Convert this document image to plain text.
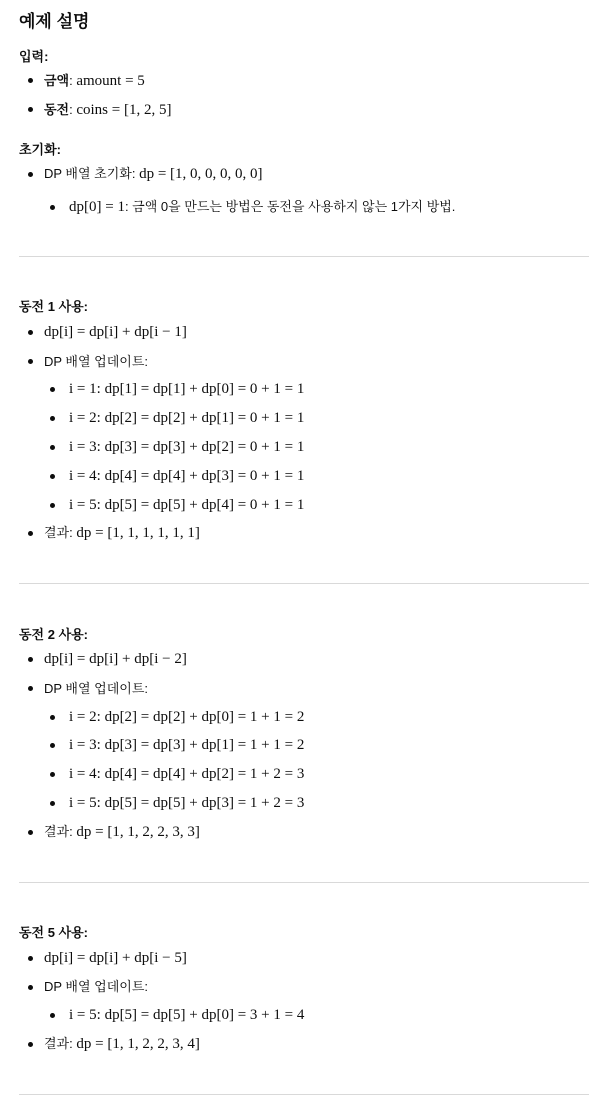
예제 설명
입력:
금액: amount = 5
동전: coins = [1, 2, 5]
초기화:
DP 배열 초기화: dp = [1, 0, 0, 0, 0, 0]
dp[0] = 1: 금액 0을 만드는 방법은 동전을 사용하지 않는 1가지 방법.
동전 1 사용:
dp[i] = dp[i] + dp[i − 1]
DP 배열 업데이트:
i = 1: dp[1] = dp[1] + dp[0] = 0 + 1 = 1
i = 2: dp[2] = dp[2] + dp[1] = 0 + 1 = 1
i = 3: dp[3] = dp[3] + dp[2] = 0 + 1 = 1
i = 4: dp[4] = dp[4] + dp[3] = 0 + 1 = 1
i = 5: dp[5] = dp[5] + dp[4] = 0 + 1 = 1
결과: dp = [1, 1, 1, 1, 1, 1]
동전 2 사용:
dp[i] = dp[i] + dp[i − 2]
DP 배열 업데이트:
i = 2: dp[2] = dp[2] + dp[0] = 1 + 1 = 2
i = 3: dp[3] = dp[3] + dp[1] = 1 + 1 = 2
i = 4: dp[4] = dp[4] + dp[2] = 1 + 2 = 3
i = 5: dp[5] = dp[5] + dp[3] = 1 + 2 = 3
결과: dp = [1, 1, 2, 2, 3, 3]
동전 5 사용:
dp[i] = dp[i] + dp[i − 5]
DP 배열 업데이트:
i = 5: dp[5] = dp[5] + dp[0] = 3 + 1 = 4
결과: dp = [1, 1, 2, 2, 3, 4]
